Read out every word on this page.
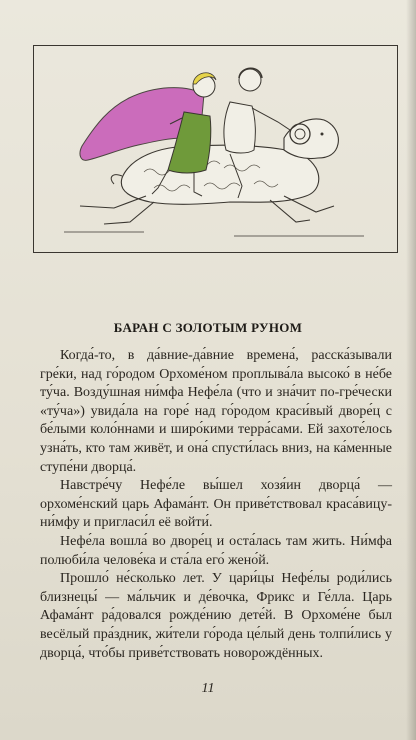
БАРАН С ЗОЛОТЫМ РУНОМ

Когда́-то, в да́вние-да́вние времена́, расска́зывали гре́ки, над го́родом Орхоме́ном проплыва́ла высоко́ в не́бе ту́ча. Возду́шная ни́мфа Нефе́ла (что и зна́чит по-гре́чески «ту́ча») увида́ла на горе́ над го́родом краси́вый дворе́ц с бе́лыми коло́ннами и широ́кими терра́сами. Ей захоте́лось узна́ть, кто там живёт, и она́ спусти́лась вниз, на ка́менные ступе́ни дворца́.

Навстре́чу Нефе́ле вы́шел хозя́ин дворца́ — орхоме́нский царь Афама́нт. Он приве́тствовал краса́вицу-ни́мфу и пригласи́л её войти́.

Нефе́ла вошла́ во дворе́ц и оста́лась там жить. Ни́мфа полюби́ла челове́ка и ста́ла его́ жено́й.

Прошло́ не́сколько лет. У цари́цы Нефе́лы роди́лись близнецы́ — ма́льчик и де́вочка, Фрикс и Ге́лла. Царь Афама́нт ра́довался рожде́нию дете́й. В Орхоме́не был весёлый пра́здник, жи́тели го́рода це́лый день толпи́лись у дворца́, что́бы приве́тствовать новорождённых.

11
